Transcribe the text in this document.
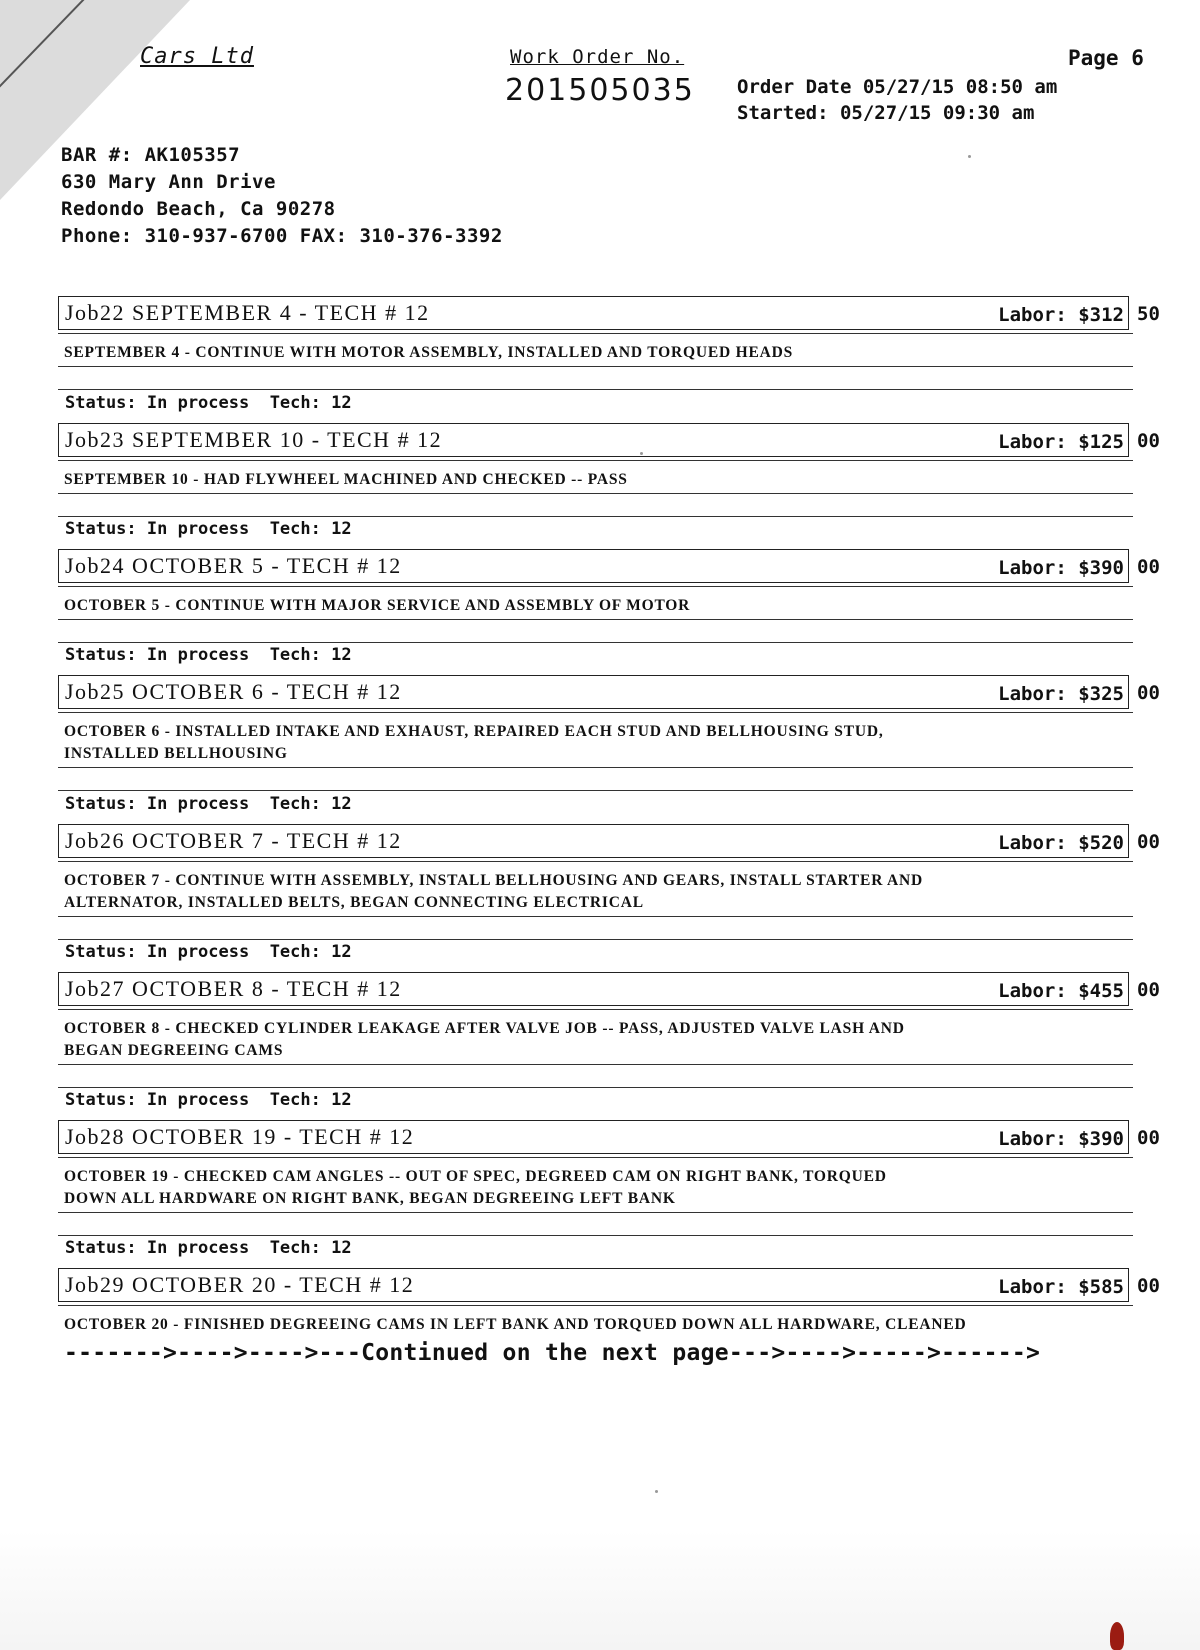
Cars Ltd	Work Order No.
201505035
Page 6
Order Date 05/27/15 08:50 am
Started: 05/27/15 09:30 am
BAR #: AK105357
630 Mary Ann Drive
Redondo Beach, Ca 90278
Phone: 310-937-6700 FAX: 310-376-3392
Job22 SEPTEMBER 4 - TECH # 12	Labor: $312 50
SEPTEMBER 4 - CONTINUE WITH MOTOR ASSEMBLY, INSTALLED AND TORQUED HEADS
Status: In process  Tech: 12
Job23 SEPTEMBER 10 - TECH # 12	Labor: $125 00
SEPTEMBER 10 - HAD FLYWHEEL MACHINED AND CHECKED -- PASS
Status: In process  Tech: 12
Job24 OCTOBER 5 - TECH # 12	Labor: $390 00
OCTOBER 5 - CONTINUE WITH MAJOR SERVICE AND ASSEMBLY OF MOTOR
Status: In process  Tech: 12
Job25 OCTOBER 6 - TECH # 12	Labor: $325 00
OCTOBER 6 - INSTALLED INTAKE AND EXHAUST, REPAIRED EACH STUD AND BELLHOUSING STUD,
INSTALLED BELLHOUSING
Status: In process  Tech: 12
Job26 OCTOBER 7 - TECH # 12	Labor: $520 00
OCTOBER 7 - CONTINUE WITH ASSEMBLY, INSTALL BELLHOUSING AND GEARS, INSTALL STARTER AND
ALTERNATOR, INSTALLED BELTS, BEGAN CONNECTING ELECTRICAL
Status: In process  Tech: 12
Job27 OCTOBER 8 - TECH # 12	Labor: $455 00
OCTOBER 8 - CHECKED CYLINDER LEAKAGE AFTER VALVE JOB -- PASS, ADJUSTED VALVE LASH AND
BEGAN DEGREEING CAMS
Status: In process  Tech: 12
Job28 OCTOBER 19 - TECH # 12	Labor: $390 00
OCTOBER 19 - CHECKED CAM ANGLES -- OUT OF SPEC, DEGREED CAM ON RIGHT BANK, TORQUED
DOWN ALL HARDWARE ON RIGHT BANK, BEGAN DEGREEING LEFT BANK
Status: In process  Tech: 12
Job29 OCTOBER 20 - TECH # 12	Labor: $585 00
OCTOBER 20 - FINISHED DEGREEING CAMS IN LEFT BANK AND TORQUED DOWN ALL HARDWARE, CLEANED
------->---->---->---Continued on the next page--->---->----->------>
